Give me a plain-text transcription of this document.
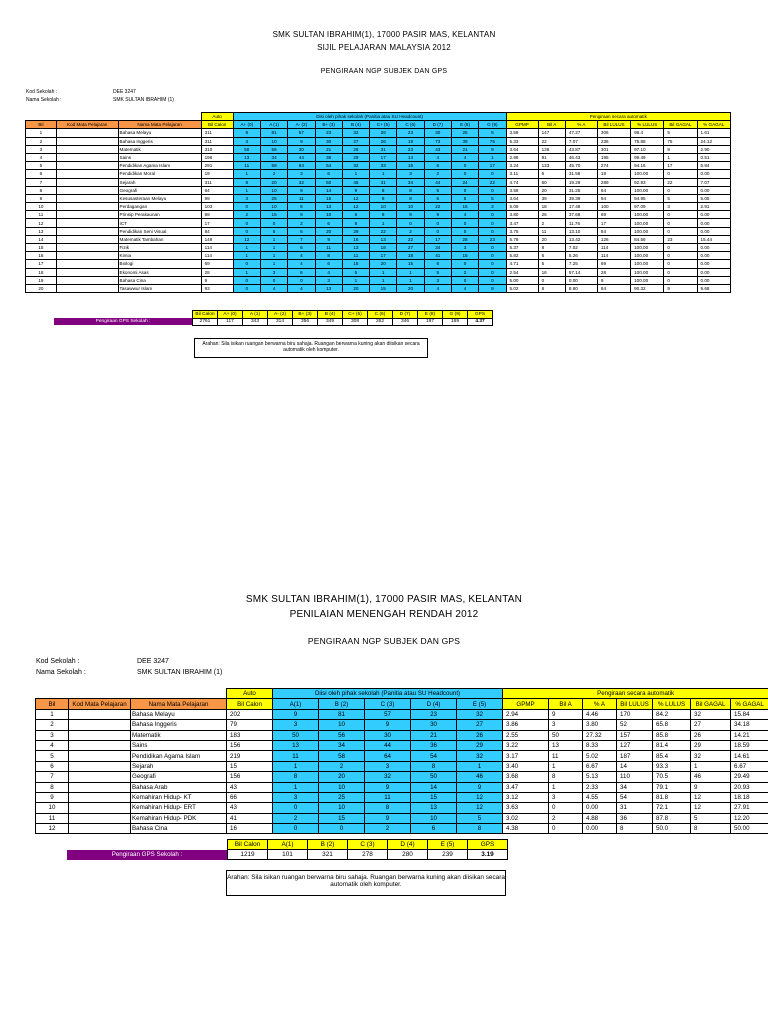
SMK SULTAN IBRAHIM(1), 17000 PASIR MAS, KELANTAN
SIJIL PELAJARAN MALAYSIA 2012
PENGIRAAN NGP SUBJEK DAN GPS
Kod Sekolah :	DEE 3247
Nama Sekolah :	SMK SULTAN IBRAHIM (1)
			Auto	Disi oleh pihak sekolah (Panitia atau SU Headcount)										Pengiraan secara automatik						
Bil	Kod Mata Pelajaran	Nama Mata Pelajaran	Bil Calon	A+ (0)	A (1)	A- (2)	B+ (3)	B (4)	C+ (5)	C (6)	D (7)	E (8)	G (9)	GPMP	Bil A	% A	Bil LULUS	% LULUS	Bil GAGAL	% GAGAL
1		Bahasa Melayu	311	9	81	57	23	32	26	23	30	25	5	3.59	147	47.27	306	98.4	5	1.61
2		Bahasa Inggeris	311	3	10	9	30	27	26	19	73	39	75	5.33	22	7.07	236	75.88	75	24.12
3		Matematik	310	50	56	30	21	26	31	23	43	21	9	3.64	136	43.87	301	97.10	9	2.90
4		Sains	196	13	34	44	36	29	17	14	4	4	1	2.98	91	46.43	195	99.49	1	0.51
5		Pendidikan Agama Islam	291	11	58	64	54	32	33	16	6	0	17	3.24	133	45.70	274	94.16	17	5.84
6		Pendidikan Moral	19	1	2	3	6	1	1	3	2	0	0	3.11	6	31.58	19	100.00	0	0.00
7		Sejarah	311	8	20	32	50	46	31	34	44	24	22	4.74	60	19.29	289	92.93	22	7.07
8		Geografi	64	1	10	9	14	9	8	8	5	0	0	3.58	20	31.25	64	100.00	0	0.00
9		Kesusasteraan Melayu	99	3	25	11	15	12	9	8	6	5	5	3.64	39	39.39	94	94.95	5	5.05
10		Perdagangan	103	0	10	8	13	12	10	10	22	15	3	5.09	18	17.48	100	97.09	3	2.91
11		Prinsip Perakaunan	69	2	15	9	10	6	9	9	9	4	0	3.80	26	37.68	69	100.00	0	0.00
12		ICT	17	0	0	2	6	8	1	0	0	0	0	3.47	2	11.76	17	100.00	0	0.00
13		Pendidikan Seni Visual	84	0	5	6	20	29	22	2	0	0	0	3.75	11	13.10	84	100.00	0	0.00
14		Matematik Tambahan	149	12	1	7	9	16	13	22	17	28	23	5.78	20	13.42	126	84.56	23	15.44
15		Fizik	114	1	1	6	11	13	18	27	34	3	0	5.37	8	7.02	114	100.00	0	0.00
16		Kimia	114	1	1	4	8	11	17	18	41	15	0	5.82	6	5.26	114	100.00	0	0.00
17		Biologi	69	0	1	4	6	15	20	15	6	0	0	4.71	5	7.25	69	100.00	0	0.00
18		Ekonomi Asas	28	1	3	6	4	5	1	1	5	2	0	2.54	16	57.14	28	100.00	0	0.00
19		Bahasa Cina	9	0	0	0	3	1	1	1	3	0	0	5.00	0	0.00	9	100.00	0	0.00
20		Tasawwur Islam	93	0	4	4	13	20	15	20	4	4	9	5.02	8	8.60	84	90.32	9	9.68
Bil Calon	A+ (0)	A (1)	A- (2)	B+ (3)	B (4)	C+ (5)	C (6)	D (7)	E (8)	G (9)	GPS
2761	117	343	314	356	349	308	262	346	197	169	4.37
Pengiraan GPS Sekolah :
Arahan: Sila isikan ruangan berwarna biru sahaja. Ruangan berwarna kuning akan diisikan secara automatik oleh komputer.
SMK SULTAN IBRAHIM(1), 17000 PASIR MAS, KELANTAN
PENILAIAN MENENGAH RENDAH 2012
PENGIRAAN NGP SUBJEK DAN GPS
Kod Sekolah :	DEE 3247
Nama Sekolah :	SMK SULTAN IBRAHIM (1)
			Auto	Diisi oleh pihak sekolah (Panitia atau SU Headcount)					Pengiraan secara automatik						
Bil	Kod Mata Pelajaran	Nama Mata Pelajaran	Bil Calon	A(1)	B (2)	C (3)	D (4)	E (5)	GPMP	Bil A	% A	Bil LULUS	% LULUS	Bil GAGAL	% GAGAL
1		Bahasa Melayu	202	9	81	57	23	32	2.94	9	4.46	170	84.2	32	15.84
2		Bahasa Inggeris	79	3	10	9	30	27	3.86	3	3.80	52	65.8	27	34.18
3		Matematik	183	50	56	30	21	26	2.55	50	27.32	157	85.8	26	14.21
4		Sains	156	13	34	44	36	29	3.22	13	8.33	127	81.4	29	18.59
5		Pendidikan Agama Islam	219	11	58	64	54	32	3.17	11	5.02	187	85.4	32	14.61
6		Sejarah	15	1	2	3	8	1	3.40	1	6.67	14	93.3	1	6.67
7		Geografi	156	8	20	32	50	46	3.68	8	5.13	110	70.5	46	29.49
8		Bahasa Arab	43	1	10	9	14	9	3.47	1	2.33	34	79.1	9	20.93
9		Kemahiran Hidup- KT	66	3	25	11	15	12	3.12	3	4.55	54	81.8	12	18.18
10		Kemahiran Hidup- ERT	43	0	10	8	13	12	3.63	0	0.00	31	72.1	12	27.91
11		Kemahiran Hidup- PDK	41	2	15	9	10	5	3.02	2	4.88	36	87.8	5	12.20
12		Bahasa Cina	16	0	0	2	6	8	4.38	0	0.00	8	50.0	8	50.00
Bil Calon	A(1)	B (2)	C (3)	D (4)	E (5)	GPS
1219	101	321	278	280	239	3.19
Pengiraan GPS Sekolah :
Arahan: Sila isikan ruangan berwarna biru sahaja. Ruangan berwarna kuning akan diisikan secara automatik oleh komputer.
